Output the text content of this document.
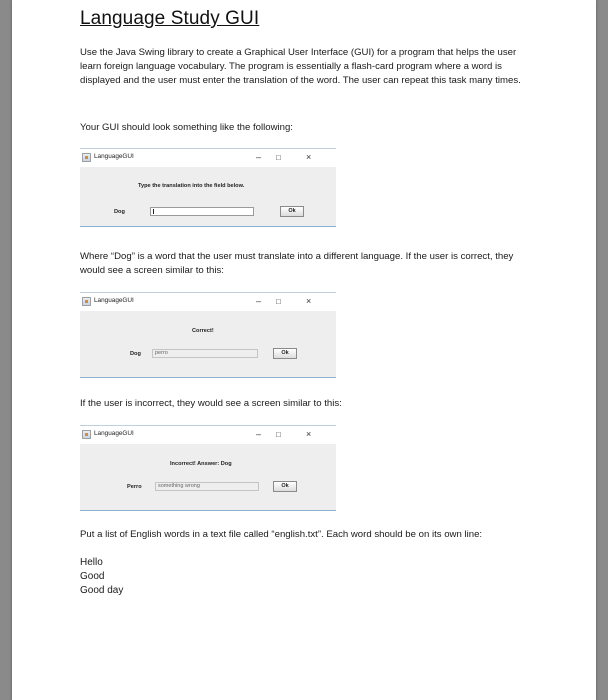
Language Study GUI
Use the Java Swing library to create a Graphical User Interface (GUI) for a program that helps the user learn foreign language vocabulary. The program is essentially a flash-card program where a word is displayed and the user must enter the translation of the word. The user can repeat this task many times.
Your GUI should look something like the following:
LanguageGUI	– □	×
Type the translation into the field below.
Dog	Ok
Where “Dog” is a word that the user must translate into a different language. If the user is correct, they would see a screen similar to this:
LanguageGUI	– □	×
Correct!
Dog	perro	Ok
If the user is incorrect, they would see a screen similar to this:
LanguageGUI	– □	×
Incorrect! Answer: Dog
Perro	something wrong	Ok
Put a list of English words in a text file called “english.txt”. Each word should be on its own line:
Hello
Good
Good day
